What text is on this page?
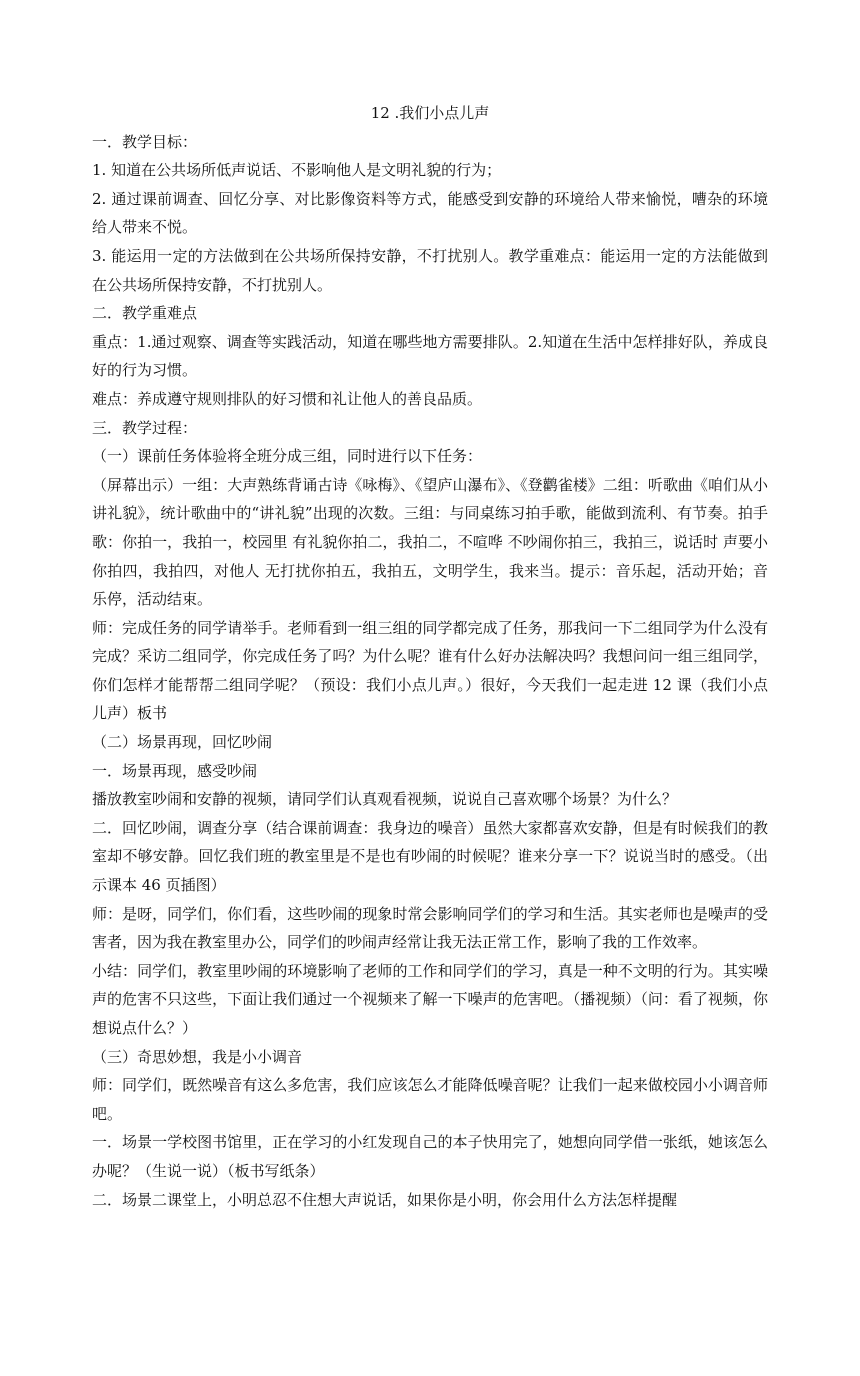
12 .我们小点儿声

一．教学目标：

1. 知道在公共场所低声说话、不影响他人是文明礼貌的行为；

2. 通过课前调查、回忆分享、对比影像资料等方式，能感受到安静的环境给人带来愉悦，嘈杂的环境给人带来不悦。

3. 能运用一定的方法做到在公共场所保持安静，不打扰别人。教学重难点：能运用一定的方法能做到在公共场所保持安静，不打扰别人。

二．教学重难点

重点：1.通过观察、调查等实践活动，知道在哪些地方需要排队。2.知道在生活中怎样排好队，养成良好的行为习惯。

难点：养成遵守规则排队的好习惯和礼让他人的善良品质。

三．教学过程：

（一）课前任务体验将全班分成三组，同时进行以下任务：

（屏幕出示）一组：大声熟练背诵古诗《咏梅》、《望庐山瀑布》、《登鹳雀楼》二组：听歌曲《咱们从小讲礼貌》，统计歌曲中的“讲礼貌”出现的次数。三组：与同桌练习拍手歌，能做到流利、有节奏。拍手歌：你拍一，我拍一，校园里 有礼貌你拍二，我拍二，不喧哗 不吵闹你拍三，我拍三，说话时 声要小你拍四，我拍四，对他人 无打扰你拍五，我拍五，文明学生，我来当。提示：音乐起，活动开始；音乐停，活动结束。

师：完成任务的同学请举手。老师看到一组三组的同学都完成了任务，那我问一下二组同学为什么没有完成？采访二组同学，你完成任务了吗？为什么呢？谁有什么好办法解决吗？我想问问一组三组同学，你们怎样才能帮帮二组同学呢？（预设：我们小点儿声。）很好，今天我们一起走进 12 课（我们小点儿声）板书

（二）场景再现，回忆吵闹

一．场景再现，感受吵闹

播放教室吵闹和安静的视频，请同学们认真观看视频，说说自己喜欢哪个场景？为什么？

二．回忆吵闹，调查分享（结合课前调查：我身边的噪音）虽然大家都喜欢安静，但是有时候我们的教室却不够安静。回忆我们班的教室里是不是也有吵闹的时候呢？谁来分享一下？说说当时的感受。（出示课本 46 页插图）

师：是呀，同学们，你们看，这些吵闹的现象时常会影响同学们的学习和生活。其实老师也是噪声的受害者，因为我在教室里办公，同学们的吵闹声经常让我无法正常工作，影响了我的工作效率。

小结：同学们，教室里吵闹的环境影响了老师的工作和同学们的学习，真是一种不文明的行为。其实噪声的危害不只这些，下面让我们通过一个视频来了解一下噪声的危害吧。（播视频）（问：看了视频，你想说点什么？）

（三）奇思妙想，我是小小调音

师：同学们，既然噪音有这么多危害，我们应该怎么才能降低噪音呢？让我们一起来做校园小小调音师吧。

一．场景一学校图书馆里，正在学习的小红发现自己的本子快用完了，她想向同学借一张纸，她该怎么办呢？（生说一说）（板书写纸条）

二．场景二课堂上，小明总忍不住想大声说话，如果你是小明，你会用什么方法怎样提醒
